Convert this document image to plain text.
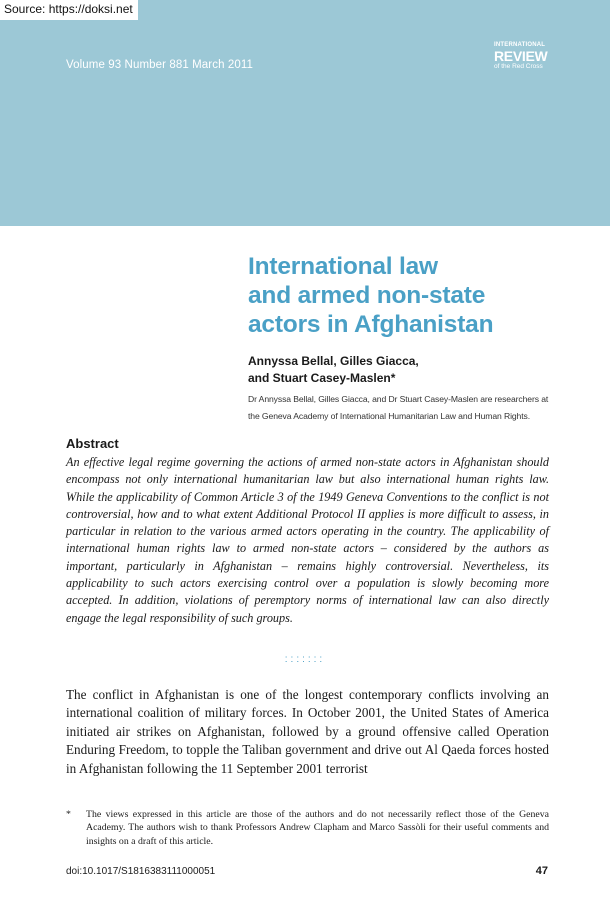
Volume 93 Number 881 March 2011
INTERNATIONAL
REVIEW
of the Red Cross
Source: https://doksi.net
International law
and armed non-state
actors in Afghanistan
Annyssa Bellal, Gilles Giacca,
and Stuart Casey-Maslen*
Dr Annyssa Bellal, Gilles Giacca, and Dr Stuart Casey-Maslen are researchers at
the Geneva Academy of International Humanitarian Law and Human Rights.
Abstract

An effective legal regime governing the actions of armed non-state actors in Afghanistan should encompass not only international humanitarian law but also international human rights law. While the applicability of Common Article 3 of the 1949 Geneva Conventions to the conflict is not controversial, how and to what extent Additional Protocol II applies is more difficult to assess, in particular in relation to the various armed actors operating in the country. The applicability of international human rights law to armed non-state actors – considered by the authors as important, particularly in Afghanistan – remains highly controversial. Nevertheless, its applicability to such actors exercising control over a population is slowly becoming more accepted. In addition, violations of peremptory norms of international law can also directly engage the legal responsibility of such groups.

:::::::

The conflict in Afghanistan is one of the longest contemporary conflicts involving an international coalition of military forces. In October 2001, the United States of America initiated air strikes on Afghanistan, followed by a ground offensive called Operation Enduring Freedom, to topple the Taliban government and drive out Al Qaeda forces hosted in Afghanistan following the 11 September 2001 terrorist

* The views expressed in this article are those of the authors and do not necessarily reflect those of the Geneva Academy. The authors wish to thank Professors Andrew Clapham and Marco Sassòli for their useful comments and insights on a draft of this article.
doi:10.1017/S1816383111000051	47
